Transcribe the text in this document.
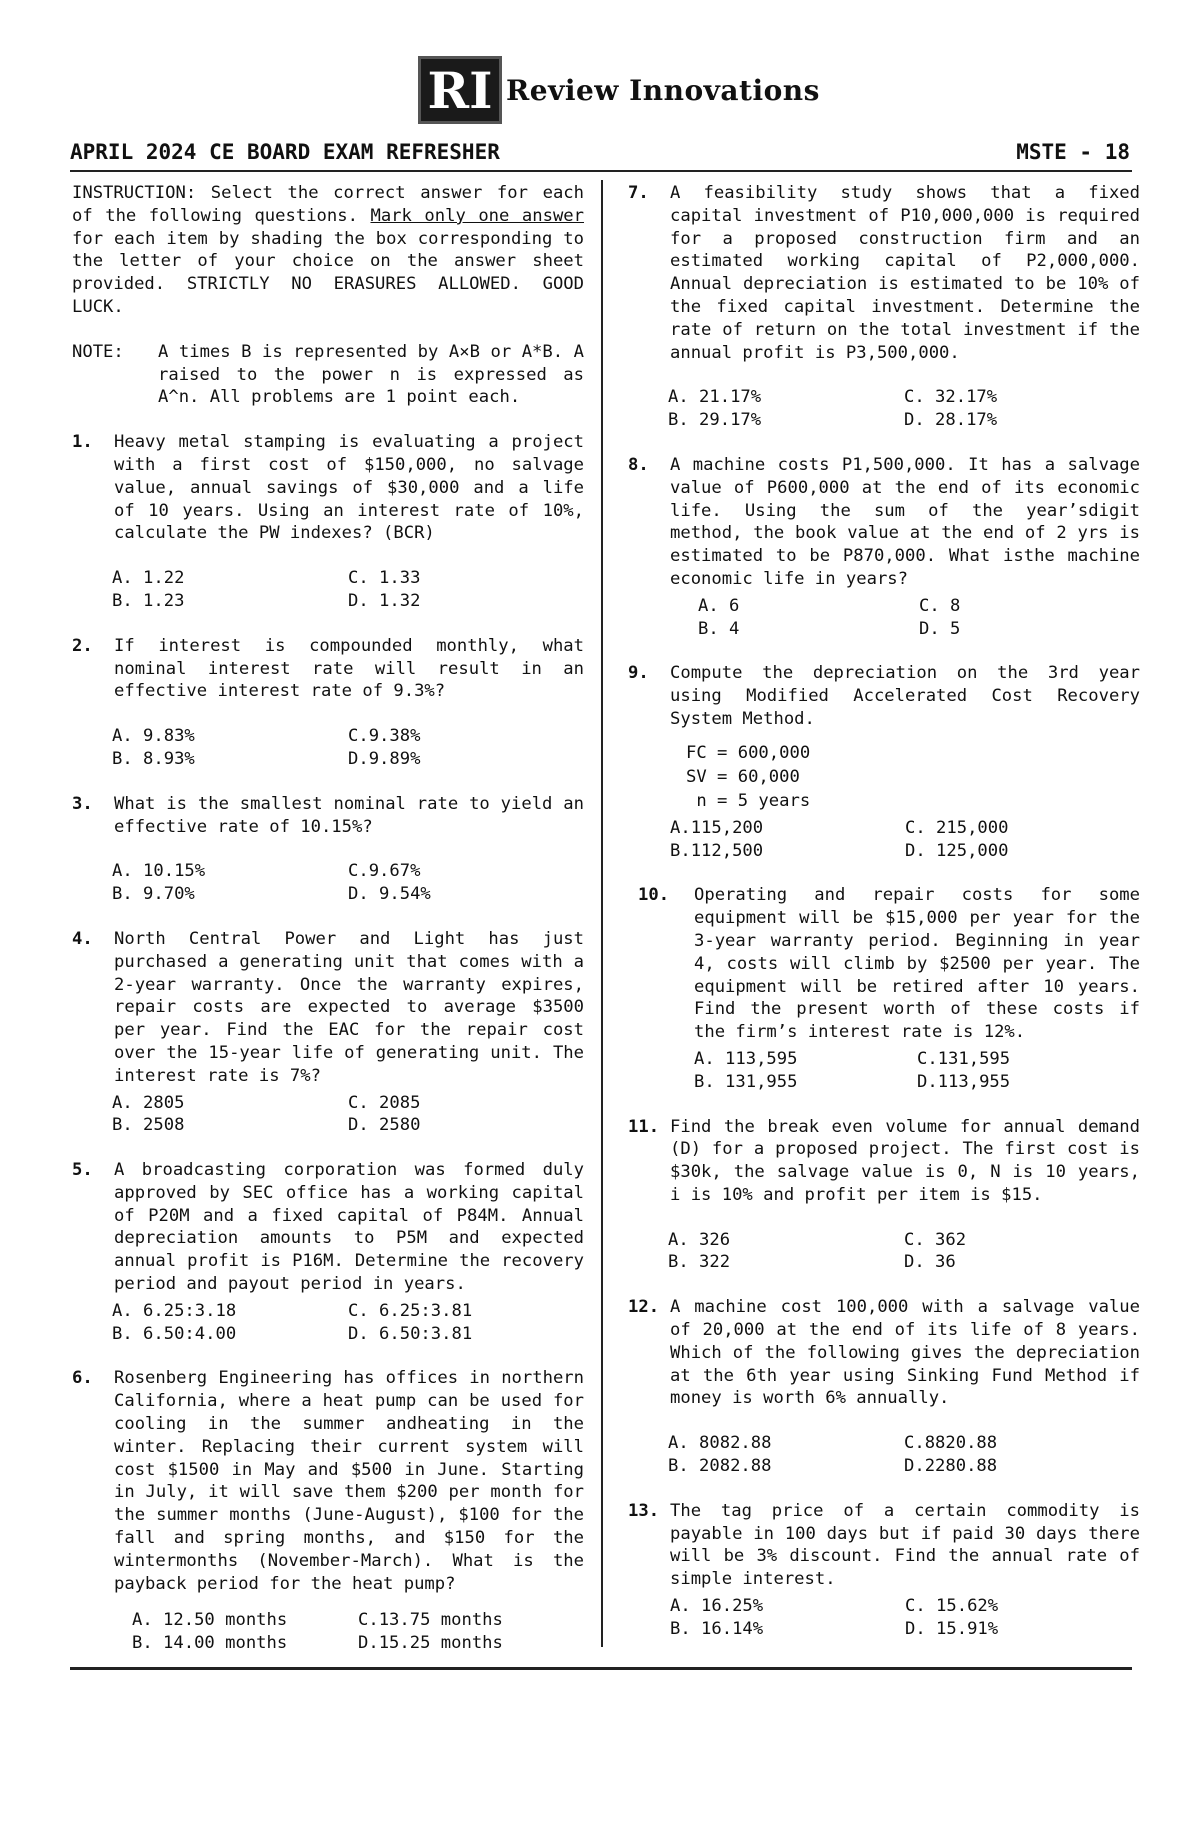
RI Review Innovations
APRIL 2024 CE BOARD EXAM REFRESHER	MSTE - 18

INSTRUCTION: Select the correct answer for each of the following questions. Mark only one answer for each item by shading the box corresponding to the letter of your choice on the answer sheet provided. STRICTLY NO ERASURES ALLOWED. GOOD LUCK.

NOTE:	A times B is represented by A×B or A*B. A raised to the power n is expressed as A^n. All problems are 1 point each.

1.	Heavy metal stamping is evaluating a project with a first cost of $150,000, no salvage value, annual savings of $30,000 and a life of 10 years. Using an interest rate of 10%, calculate the PW indexes? (BCR)
A. 1.22	C. 1.33
B. 1.23	D. 1.32
2.	If interest is compounded monthly, what nominal interest rate will result in an effective interest rate of 9.3%?
A. 9.83%	C.9.38%
B. 8.93%	D.9.89%
3.	What is the smallest nominal rate to yield an effective rate of 10.15%?
A. 10.15%	C.9.67%
B. 9.70%	D. 9.54%
4.	North Central Power and Light has just purchased a generating unit that comes with a 2-year warranty. Once the warranty expires, repair costs are expected to average $3500 per year. Find the EAC for the repair cost over the 15-year life of generating unit. The interest rate is 7%?
A. 2805	C. 2085
B. 2508	D. 2580
5.	A broadcasting corporation was formed duly approved by SEC office has a working capital of P20M and a fixed capital of P84M. Annual depreciation amounts to P5M and expected annual profit is P16M. Determine the recovery period and payout period in years.
A. 6.25:3.18	C. 6.25:3.81
B. 6.50:4.00	D. 6.50:3.81
6.	Rosenberg Engineering has offices in northern California, where a heat pump can be used for cooling in the summer andheating in the winter. Replacing their current system will cost $1500 in May and $500 in June. Starting in July, it will save them $200 per month for the summer months (June-August), $100 for the fall and spring months, and $150 for the wintermonths (November-March). What is the payback period for the heat pump?
A. 12.50 months	C.13.75 months
B. 14.00 months	D.15.25 months
7.	A feasibility study shows that a fixed capital investment of P10,000,000 is required for a proposed construction firm and an estimated working capital of P2,000,000. Annual depreciation is estimated to be 10% of the fixed capital investment. Determine the rate of return on the total investment if the annual profit is P3,500,000.
A. 21.17%	C. 32.17%
B. 29.17%	D. 28.17%
8.	A machine costs P1,500,000. It has a salvage value of P600,000 at the end of its economic life. Using the sum of the year’sdigit method, the book value at the end of 2 yrs is estimated to be P870,000. What isthe machine economic life in years?
A. 6	C. 8
B. 4	D. 5
9.	Compute the depreciation on the 3rd year using Modified Accelerated Cost Recovery System Method.
FC = 600,000
SV = 60,000
n = 5 years
A.115,200	C. 215,000
B.112,500	D. 125,000
10.	Operating and repair costs for some equipment will be $15,000 per year for the 3-year warranty period. Beginning in year 4, costs will climb by $2500 per year. The equipment will be retired after 10 years. Find the present worth of these costs if the firm’s interest rate is 12%.
A. 113,595	C.131,595
B. 131,955	D.113,955
11. Find the break even volume for annual demand (D) for a proposed project. The first cost is $30k, the salvage value is 0, N is 10 years, i is 10% and profit per item is $15.
A. 326	C. 362
B. 322	D. 36
12. A machine cost 100,000 with a salvage value of 20,000 at the end of its life of 8 years. Which of the following gives the depreciation at the 6th year using Sinking Fund Method if money is worth 6% annually.
A. 8082.88	C.8820.88
B. 2082.88	D.2280.88
13. The tag price of a certain commodity is payable in 100 days but if paid 30 days there will be 3% discount. Find the annual rate of simple interest.
A. 16.25%	C. 15.62%
B. 16.14%	D. 15.91%
